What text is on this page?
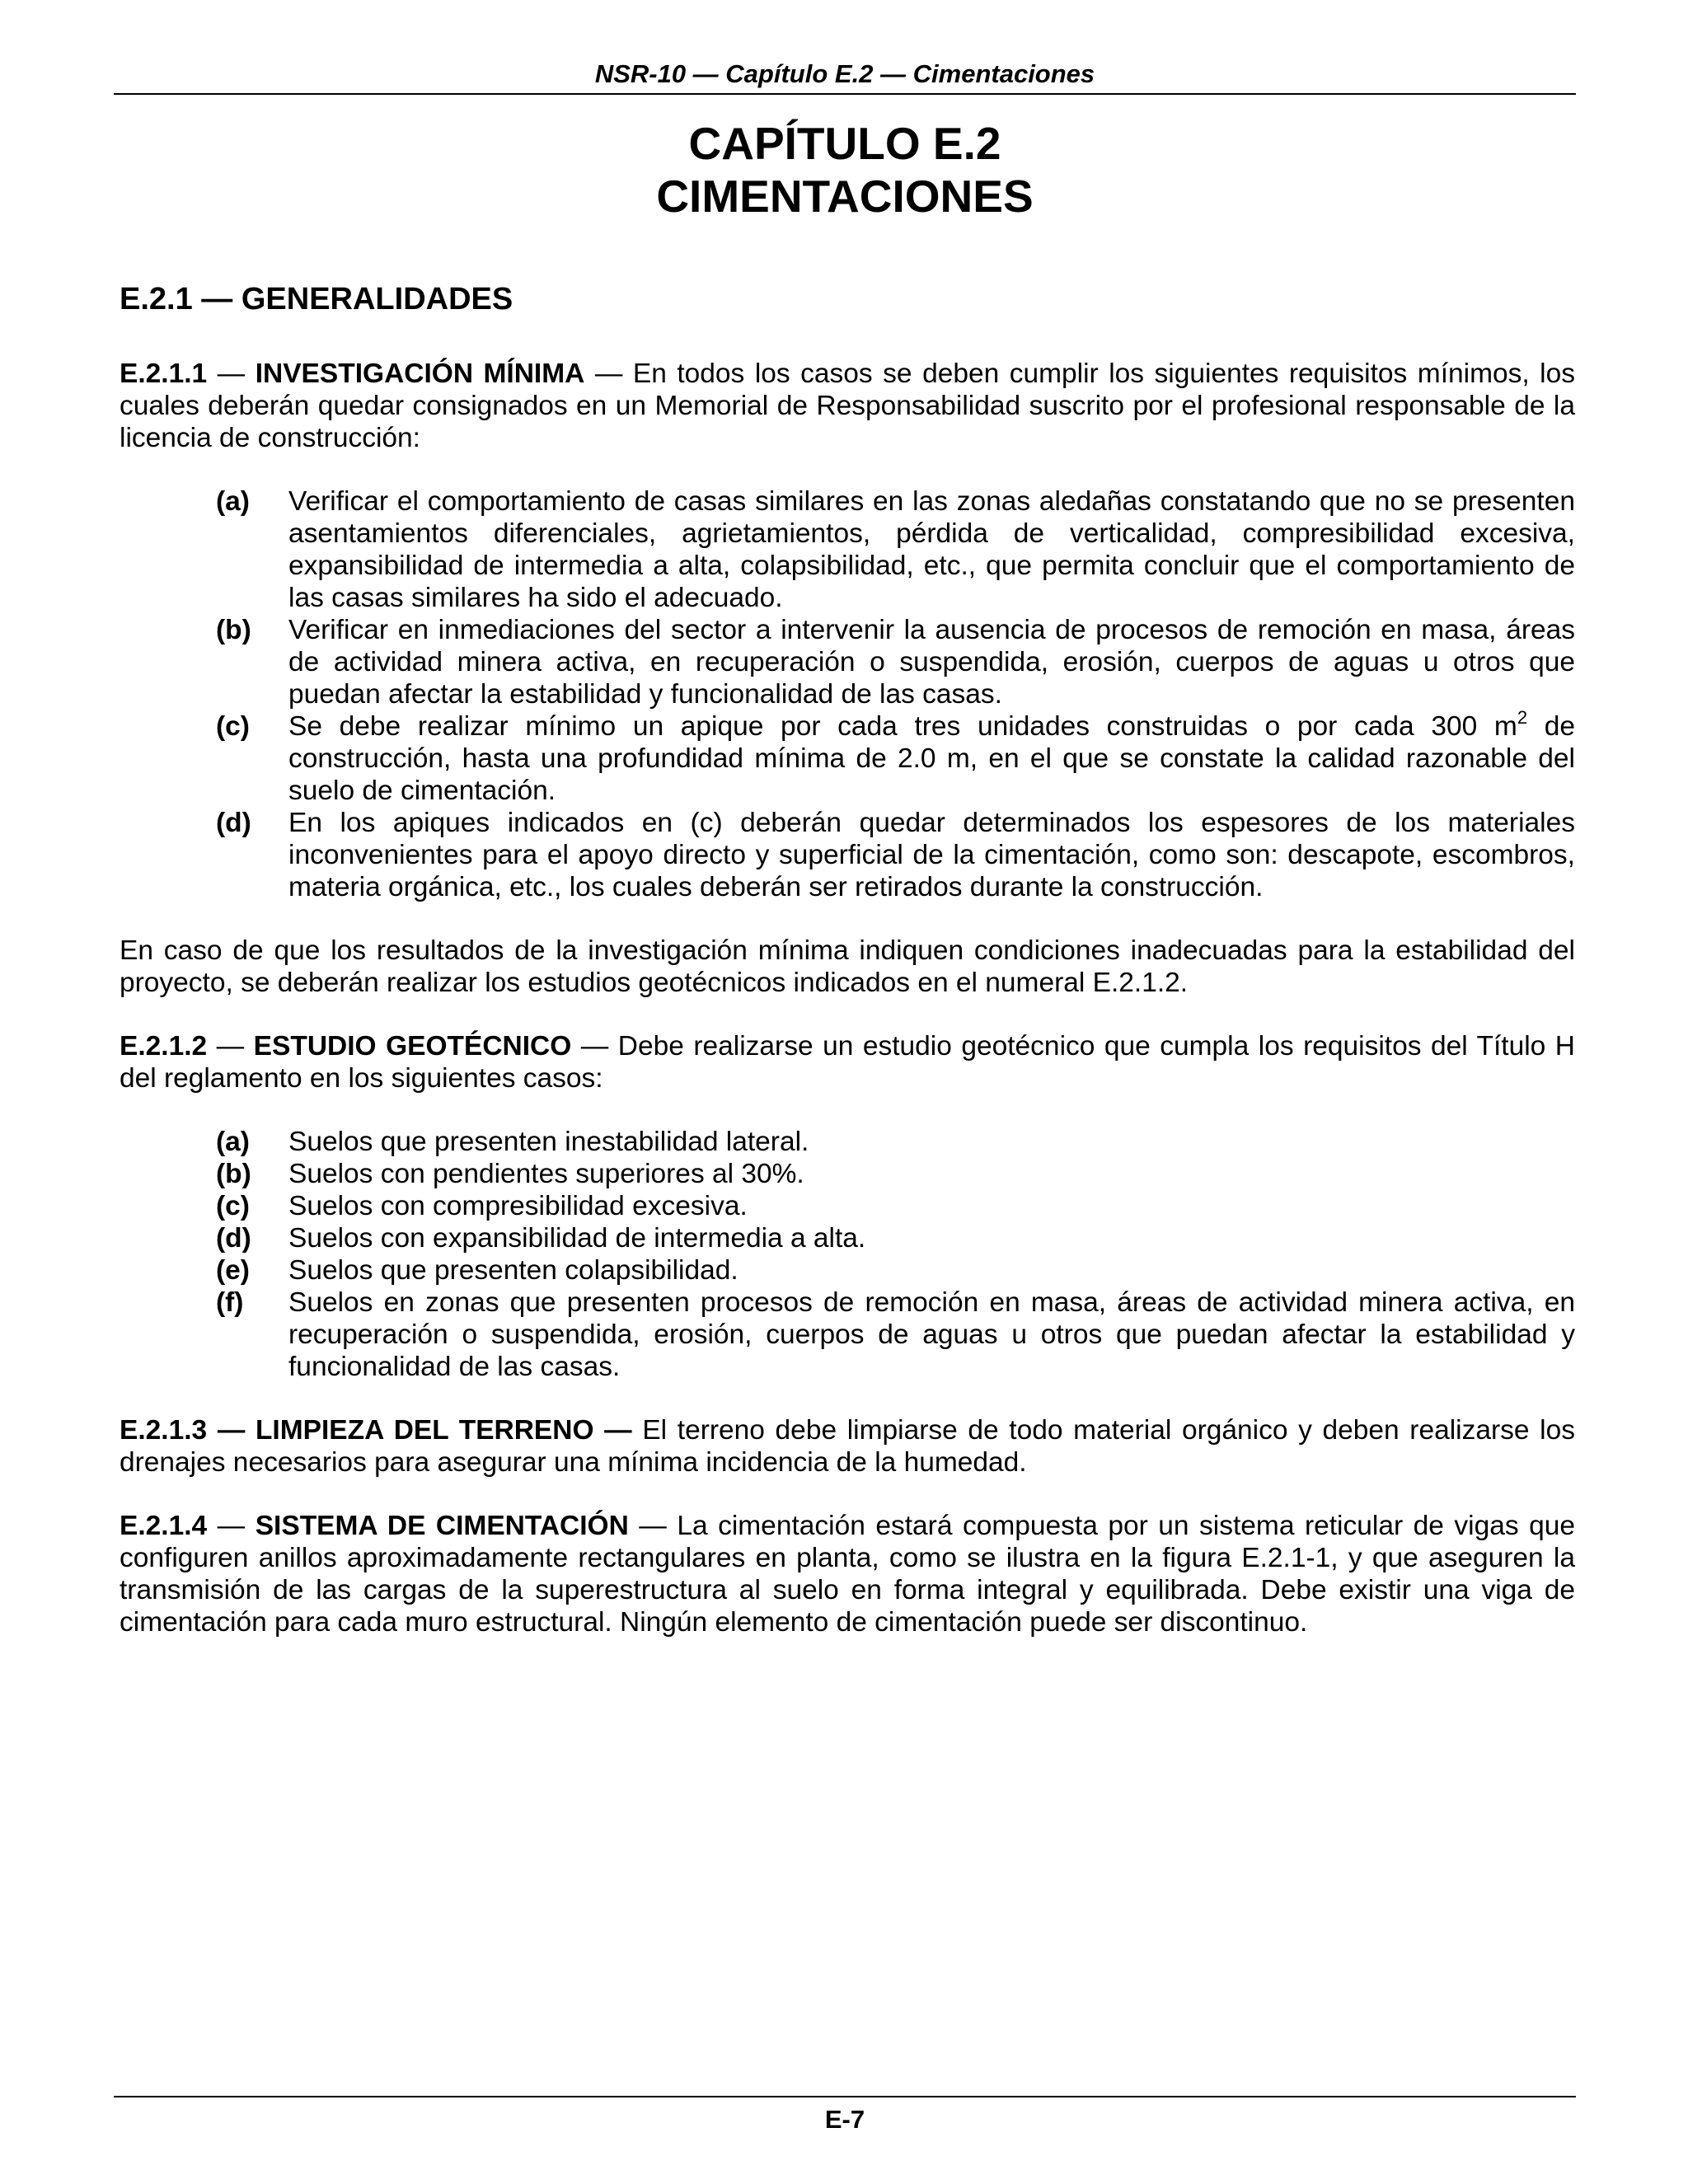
NSR-10 — Capítulo E.2 — Cimentaciones
CAPÍTULO E.2
CIMENTACIONES
E.2.1 — GENERALIDADES

E.2.1.1 — INVESTIGACIÓN MÍNIMA — En todos los casos se deben cumplir los siguientes requisitos mínimos, los cuales deberán quedar consignados en un Memorial de Responsabilidad suscrito por el profesional responsable de la licencia de construcción:

(a) Verificar el comportamiento de casas similares en las zonas aledañas constatando que no se presenten asentamientos diferenciales, agrietamientos, pérdida de verticalidad, compresibilidad excesiva, expansibilidad de intermedia a alta, colapsibilidad, etc., que permita concluir que el comportamiento de las casas similares ha sido el adecuado.
(b) Verificar en inmediaciones del sector a intervenir la ausencia de procesos de remoción en masa, áreas de actividad minera activa, en recuperación o suspendida, erosión, cuerpos de aguas u otros que puedan afectar la estabilidad y funcionalidad de las casas.
(c) Se debe realizar mínimo un apique por cada tres unidades construidas o por cada 300 $m^2$ de construcción, hasta una profundidad mínima de 2.0 m, en el que se constate la calidad razonable del suelo de cimentación.
(d) En los apiques indicados en (c) deberán quedar determinados los espesores de los materiales inconvenientes para el apoyo directo y superficial de la cimentación, como son: descapote, escombros, materia orgánica, etc., los cuales deberán ser retirados durante la construcción.

En caso de que los resultados de la investigación mínima indiquen condiciones inadecuadas para la estabilidad del proyecto, se deberán realizar los estudios geotécnicos indicados en el numeral E.2.1.2.

E.2.1.2 — ESTUDIO GEOTÉCNICO — Debe realizarse un estudio geotécnico que cumpla los requisitos del Título H del reglamento en los siguientes casos:

(a) Suelos que presenten inestabilidad lateral.
(b) Suelos con pendientes superiores al 30%.
(c) Suelos con compresibilidad excesiva.
(d) Suelos con expansibilidad de intermedia a alta.
(e) Suelos que presenten colapsibilidad.
(f) Suelos en zonas que presenten procesos de remoción en masa, áreas de actividad minera activa, en recuperación o suspendida, erosión, cuerpos de aguas u otros que puedan afectar la estabilidad y funcionalidad de las casas.

E.2.1.3 — LIMPIEZA DEL TERRENO — El terreno debe limpiarse de todo material orgánico y deben realizarse los drenajes necesarios para asegurar una mínima incidencia de la humedad.

E.2.1.4 — SISTEMA DE CIMENTACIÓN — La cimentación estará compuesta por un sistema reticular de vigas que configuren anillos aproximadamente rectangulares en planta, como se ilustra en la figura E.2.1-1, y que aseguren la transmisión de las cargas de la superestructura al suelo en forma integral y equilibrada. Debe existir una viga de cimentación para cada muro estructural. Ningún elemento de cimentación puede ser discontinuo.

E-7
